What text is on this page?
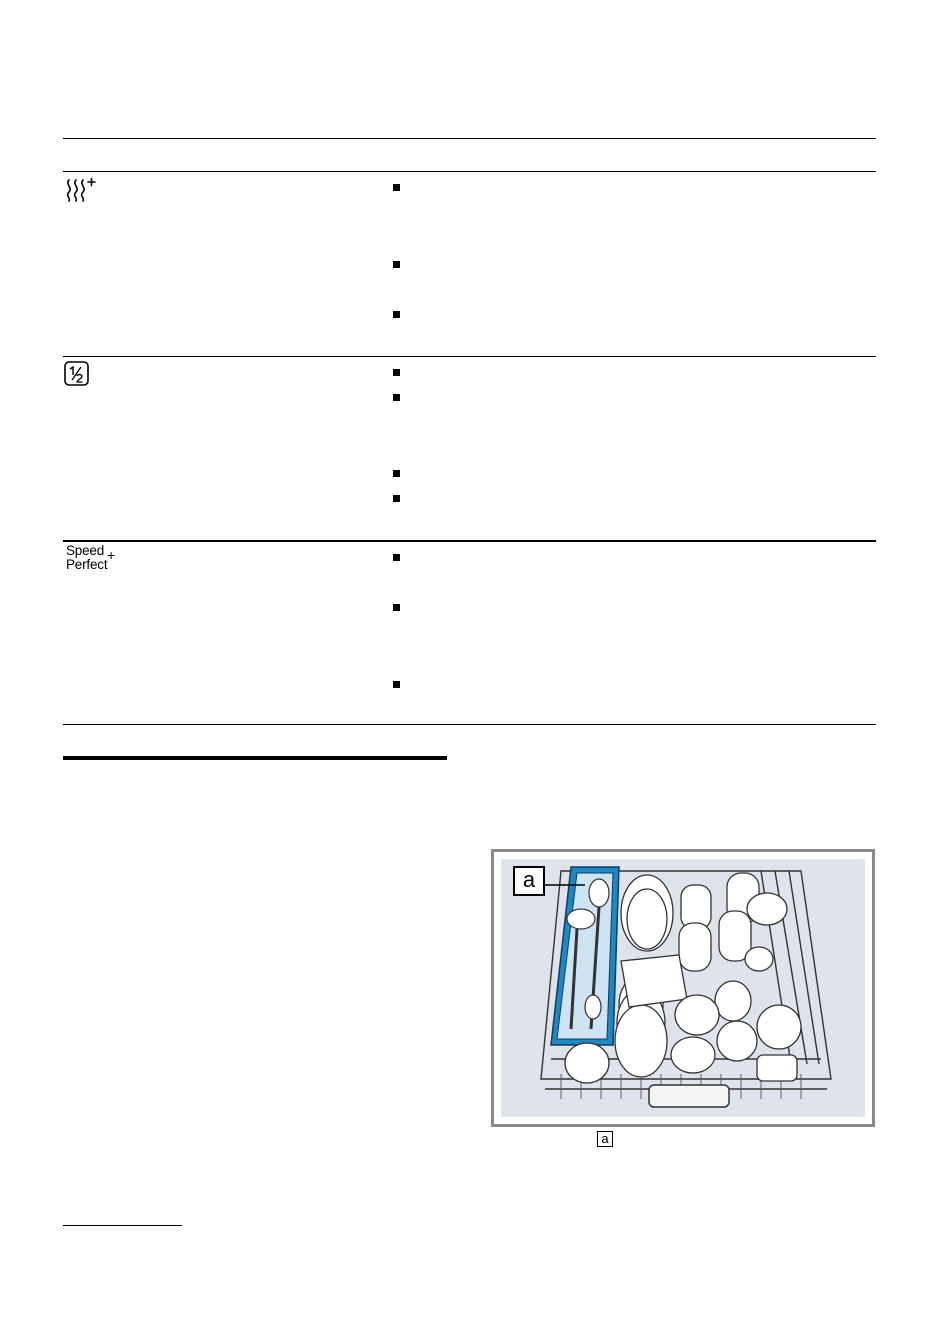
Speed
Perfect
+
a
a
